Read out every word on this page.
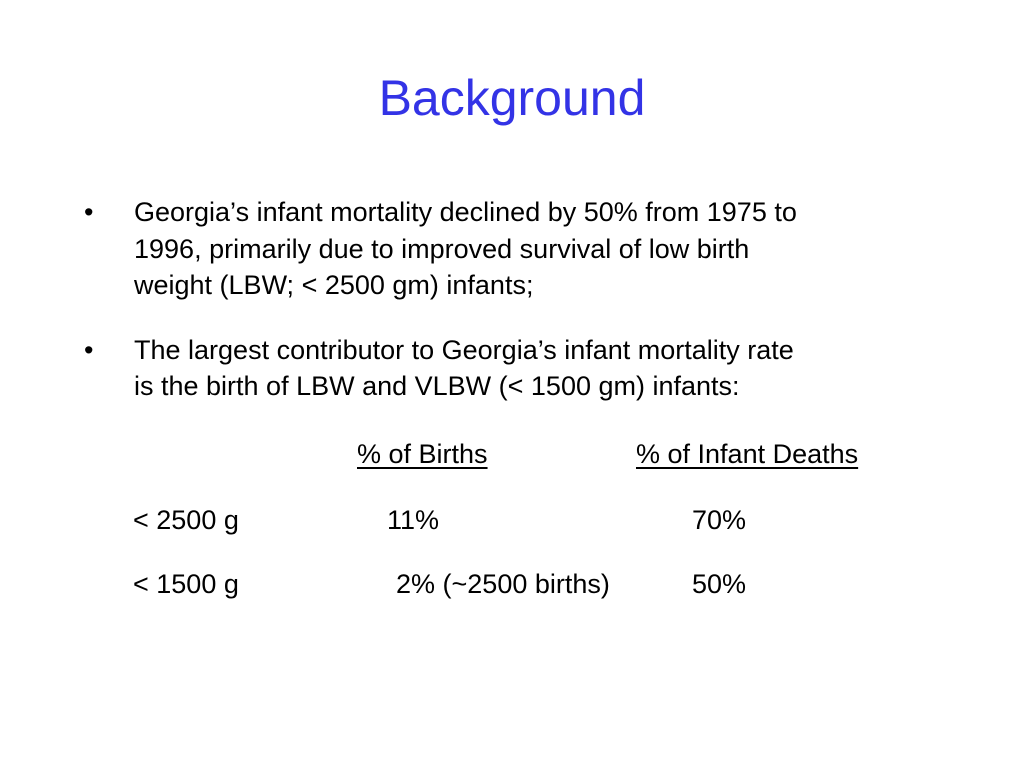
Background
• Georgia’s infant mortality declined by 50% from 1975 to
1996, primarily due to improved survival of low birth
weight (LBW; < 2500 gm) infants;
• The largest contributor to Georgia’s infant mortality rate
is the birth of LBW and VLBW (< 1500 gm) infants:
% of Births	% of Infant Deaths
< 2500 g	11%	70%
< 1500 g	2% (~2500 births)	50%
